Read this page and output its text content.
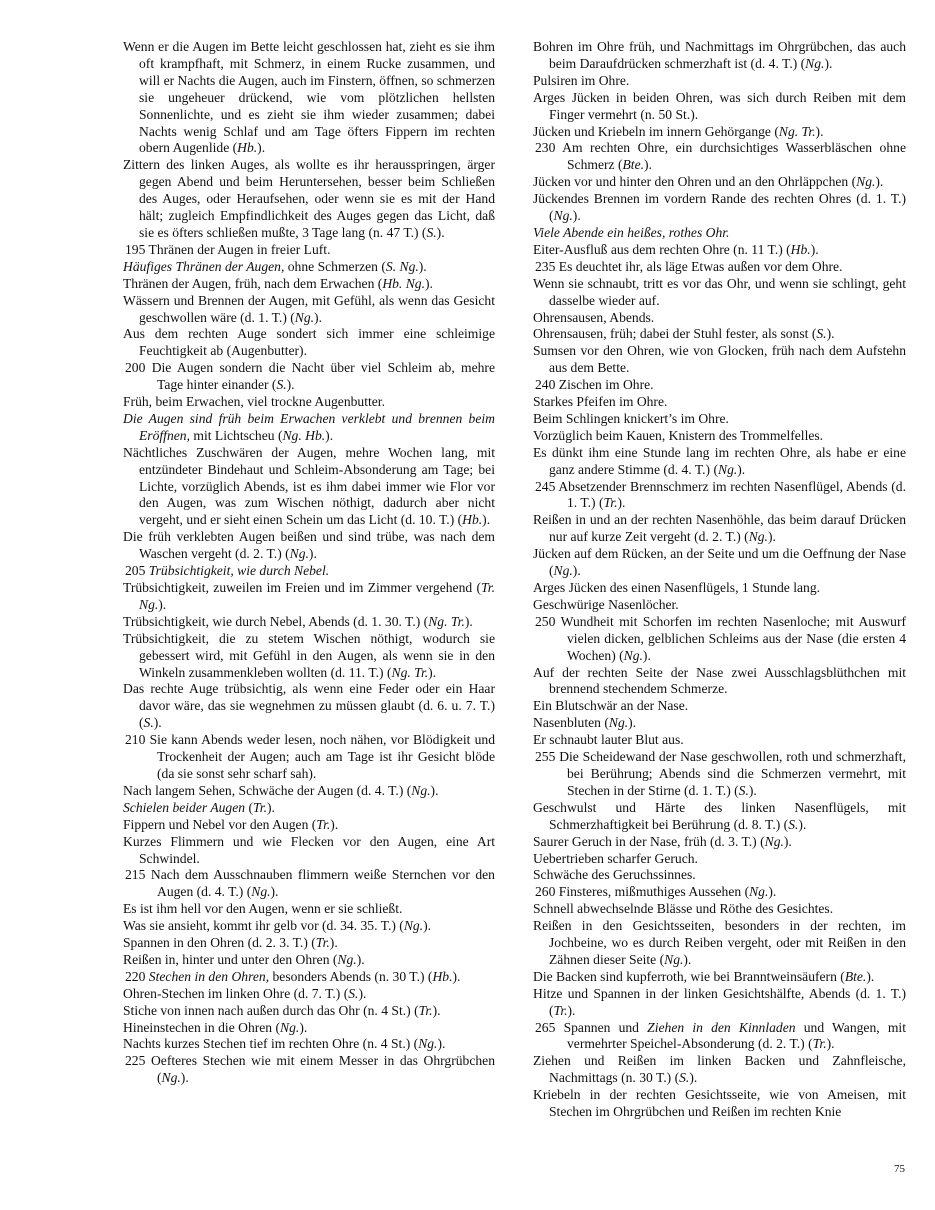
Wenn er die Augen im Bette leicht geschlossen hat, zieht es sie ihm oft krampfhaft, mit Schmerz, in einem Rucke zusammen, und will er Nachts die Augen, auch im Finstern, öffnen, so schmerzen sie ungeheuer drückend, wie vom plötzlichen hellsten Sonnenlichte, und es zieht sie ihm wieder zusammen; dabei Nachts wenig Schlaf und am Tage öfters Fippern im rechten obern Augenlide (Hb.).
Zittern des linken Auges, als wollte es ihr herausspringen, ärger gegen Abend und beim Heruntersehen, besser beim Schließen des Auges, oder Heraufsehen, oder wenn sie es mit der Hand hält; zugleich Empfindlichkeit des Auges gegen das Licht, daß sie es öfters schließen mußte, 3 Tage lang (n. 47 T.) (S.).
195 Thränen der Augen in freier Luft.
Häufiges Thränen der Augen, ohne Schmerzen (S. Ng.).
Thränen der Augen, früh, nach dem Erwachen (Hb. Ng.).
Wässern und Brennen der Augen, mit Gefühl, als wenn das Gesicht geschwollen wäre (d. 1. T.) (Ng.).
Aus dem rechten Auge sondert sich immer eine schleimige Feuchtigkeit ab (Augenbutter).
200 Die Augen sondern die Nacht über viel Schleim ab, mehre Tage hinter einander (S.).
Früh, beim Erwachen, viel trockne Augenbutter.
Die Augen sind früh beim Erwachen verklebt und brennen beim Eröffnen, mit Lichtscheu (Ng. Hb.).
Nächtliches Zuschwären der Augen, mehre Wochen lang, mit entzündeter Bindehaut und Schleim-Absonderung am Tage; bei Lichte, vorzüglich Abends, ist es ihm dabei immer wie Flor vor den Augen, was zum Wischen nöthigt, dadurch aber nicht vergeht, und er sieht einen Schein um das Licht (d. 10. T.) (Hb.).
Die früh verklebten Augen beißen und sind trübe, was nach dem Waschen vergeht (d. 2. T.) (Ng.).
205 Trübsichtigkeit, wie durch Nebel.
Trübsichtigkeit, zuweilen im Freien und im Zimmer vergehend (Tr. Ng.).
Trübsichtigkeit, wie durch Nebel, Abends (d. 1. 30. T.) (Ng. Tr.).
Trübsichtigkeit, die zu stetem Wischen nöthigt, wodurch sie gebessert wird, mit Gefühl in den Augen, als wenn sie in den Winkeln zusammenkleben wollten (d. 11. T.) (Ng. Tr.).
Das rechte Auge trübsichtig, als wenn eine Feder oder ein Haar davor wäre, das sie wegnehmen zu müssen glaubt (d. 6. u. 7. T.) (S.).
210 Sie kann Abends weder lesen, noch nähen, vor Blödigkeit und Trockenheit der Augen; auch am Tage ist ihr Gesicht blöde (da sie sonst sehr scharf sah).
Nach langem Sehen, Schwäche der Augen (d. 4. T.) (Ng.).
Schielen beider Augen (Tr.).
Fippern und Nebel vor den Augen (Tr.).
Kurzes Flimmern und wie Flecken vor den Augen, eine Art Schwindel.
215 Nach dem Ausschnauben flimmern weiße Sternchen vor den Augen (d. 4. T.) (Ng.).
Es ist ihm hell vor den Augen, wenn er sie schließt.
Was sie ansieht, kommt ihr gelb vor (d. 34. 35. T.) (Ng.).
Spannen in den Ohren (d. 2. 3. T.) (Tr.).
Reißen in, hinter und unter den Ohren (Ng.).
220 Stechen in den Ohren, besonders Abends (n. 30 T.) (Hb.).
Ohren-Stechen im linken Ohre (d. 7. T.) (S.).
Stiche von innen nach außen durch das Ohr (n. 4 St.) (Tr.).
Hineinstechen in die Ohren (Ng.).
Nachts kurzes Stechen tief im rechten Ohre (n. 4 St.) (Ng.).
225 Oefteres Stechen wie mit einem Messer in das Ohrgrübchen (Ng.).
Bohren im Ohre früh, und Nachmittags im Ohrgrübchen, das auch beim Daraufdrücken schmerzhaft ist (d. 4. T.) (Ng.).
Pulsiren im Ohre.
Arges Jücken in beiden Ohren, was sich durch Reiben mit dem Finger vermehrt (n. 50 St.).
Jücken und Kriebeln im innern Gehörgange (Ng. Tr.).
230 Am rechten Ohre, ein durchsichtiges Wasserbläschen ohne Schmerz (Bte.).
Jücken vor und hinter den Ohren und an den Ohrläppchen (Ng.).
Jückendes Brennen im vordern Rande des rechten Ohres (d. 1. T.) (Ng.).
Viele Abende ein heißes, rothes Ohr.
Eiter-Ausfluß aus dem rechten Ohre (n. 11 T.) (Hb.).
235 Es deuchtet ihr, als läge Etwas außen vor dem Ohre.
Wenn sie schnaubt, tritt es vor das Ohr, und wenn sie schlingt, geht dasselbe wieder auf.
Ohrensausen, Abends.
Ohrensausen, früh; dabei der Stuhl fester, als sonst (S.).
Sumsen vor den Ohren, wie von Glocken, früh nach dem Aufstehn aus dem Bette.
240 Zischen im Ohre.
Starkes Pfeifen im Ohre.
Beim Schlingen knickert’s im Ohre.
Vorzüglich beim Kauen, Knistern des Trommelfelles.
Es dünkt ihm eine Stunde lang im rechten Ohre, als habe er eine ganz andere Stimme (d. 4. T.) (Ng.).
245 Absetzender Brennschmerz im rechten Nasenflügel, Abends (d. 1. T.) (Tr.).
Reißen in und an der rechten Nasenhöhle, das beim darauf Drücken nur auf kurze Zeit vergeht (d. 2. T.) (Ng.).
Jücken auf dem Rücken, an der Seite und um die Oeffnung der Nase (Ng.).
Arges Jücken des einen Nasenflügels, 1 Stunde lang.
Geschwürige Nasenlöcher.
250 Wundheit mit Schorfen im rechten Nasenloche; mit Auswurf vielen dicken, gelblichen Schleims aus der Nase (die ersten 4 Wochen) (Ng.).
Auf der rechten Seite der Nase zwei Ausschlagsblüthchen mit brennend stechendem Schmerze.
Ein Blutschwär an der Nase.
Nasenbluten (Ng.).
Er schnaubt lauter Blut aus.
255 Die Scheidewand der Nase geschwollen, roth und schmerzhaft, bei Berührung; Abends sind die Schmerzen vermehrt, mit Stechen in der Stirne (d. 1. T.) (S.).
Geschwulst und Härte des linken Nasenflügels, mit Schmerzhaftigkeit bei Berührung (d. 8. T.) (S.).
Saurer Geruch in der Nase, früh (d. 3. T.) (Ng.).
Uebertrieben scharfer Geruch.
Schwäche des Geruchssinnes.
260 Finsteres, mißmuthiges Aussehen (Ng.).
Schnell abwechselnde Blässe und Röthe des Gesichtes.
Reißen in den Gesichtsseiten, besonders in der rechten, im Jochbeine, wo es durch Reiben vergeht, oder mit Reißen in den Zähnen dieser Seite (Ng.).
Die Backen sind kupferroth, wie bei Branntweinsäufern (Bte.).
Hitze und Spannen in der linken Gesichtshälfte, Abends (d. 1. T.) (Tr.).
265 Spannen und Ziehen in den Kinnladen und Wangen, mit vermehrter Speichel-Absonderung (d. 2. T.) (Tr.).
Ziehen und Reißen im linken Backen und Zahnfleische, Nachmittags (n. 30 T.) (S.).
Kriebeln in der rechten Gesichtsseite, wie von Ameisen, mit Stechen im Ohrgrübchen und Reißen im rechten Knie
75
